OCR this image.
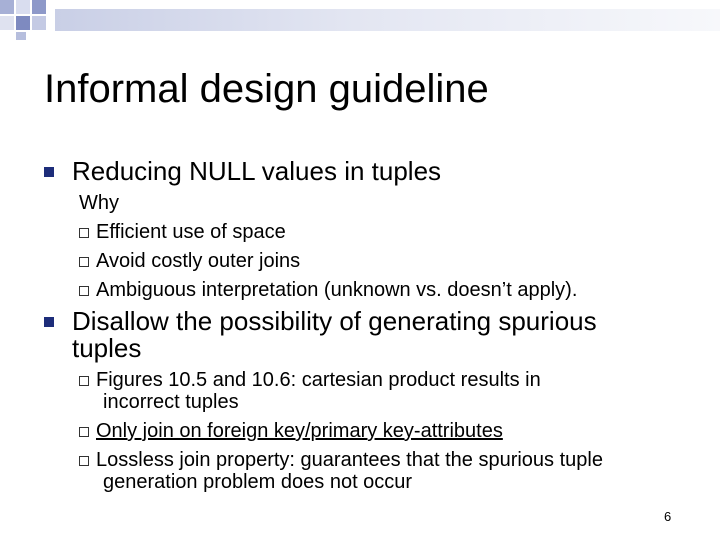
Informal design guideline
Reducing NULL values in tuples
Why
Efficient use of space
Avoid costly outer joins
Ambiguous interpretation (unknown vs. doesn’t apply).
Disallow the possibility of generating spurious
tuples
Figures 10.5 and 10.6: cartesian product results in
incorrect tuples
Only join on foreign key/primary key-attributes
Lossless join property: guarantees that the spurious tuple
generation problem does not occur
6
